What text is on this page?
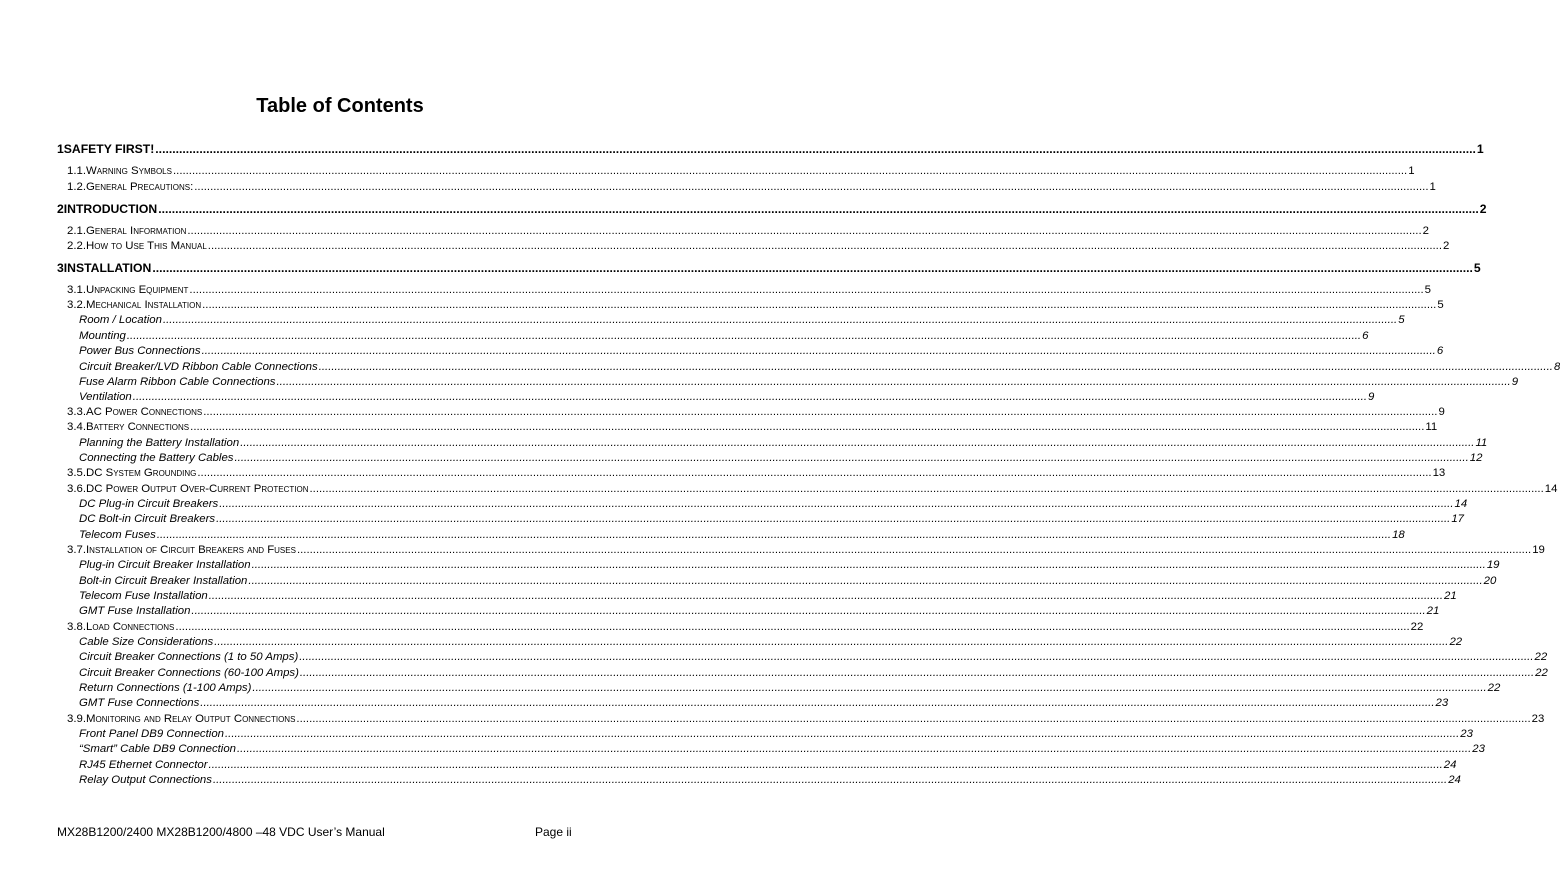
Table of Contents
1 SAFETY FIRST! .....	1
1.1. Warning Symbols .....	1
1.2. General Precautions: .....	1
2 INTRODUCTION .....	2
2.1. General Information .....	2
2.2. How to Use This Manual .....	2
3 INSTALLATION .....	5
3.1. Unpacking Equipment .....	5
3.2. Mechanical Installation .....	5
Room / Location .....	5
Mounting .....	6
Power Bus Connections .....	6
Circuit Breaker/LVD Ribbon Cable Connections .....	8
Fuse Alarm Ribbon Cable Connections .....	9
Ventilation .....	9
3.3. AC Power Connections .....	9
3.4. Battery Connections .....	11
Planning the Battery Installation .....	11
Connecting the Battery Cables .....	12
3.5. DC System Grounding .....	13
3.6. DC Power Output Over-Current Protection .....	14
DC Plug-in Circuit Breakers .....	14
DC Bolt-in Circuit Breakers .....	17
Telecom Fuses .....	18
3.7. Installation of Circuit Breakers and Fuses .....	19
Plug-in Circuit Breaker Installation .....	19
Bolt-in Circuit Breaker Installation .....	20
Telecom Fuse Installation .....	21
GMT Fuse Installation .....	21
3.8. Load Connections .....	22
Cable Size Considerations .....	22
Circuit Breaker Connections (1 to 50 Amps) .....	22
Circuit Breaker Connections (60-100 Amps) .....	22
Return Connections (1-100 Amps) .....	22
GMT Fuse Connections .....	23
3.9. Monitoring and Relay Output Connections .....	23
Front Panel DB9 Connection .....	23
“Smart” Cable DB9 Connection .....	23
RJ45 Ethernet Connector .....	24
Relay Output Connections .....	24
MX28B1200/2400 MX28B1200/4800 –48 VDC User’s Manual	Page ii
